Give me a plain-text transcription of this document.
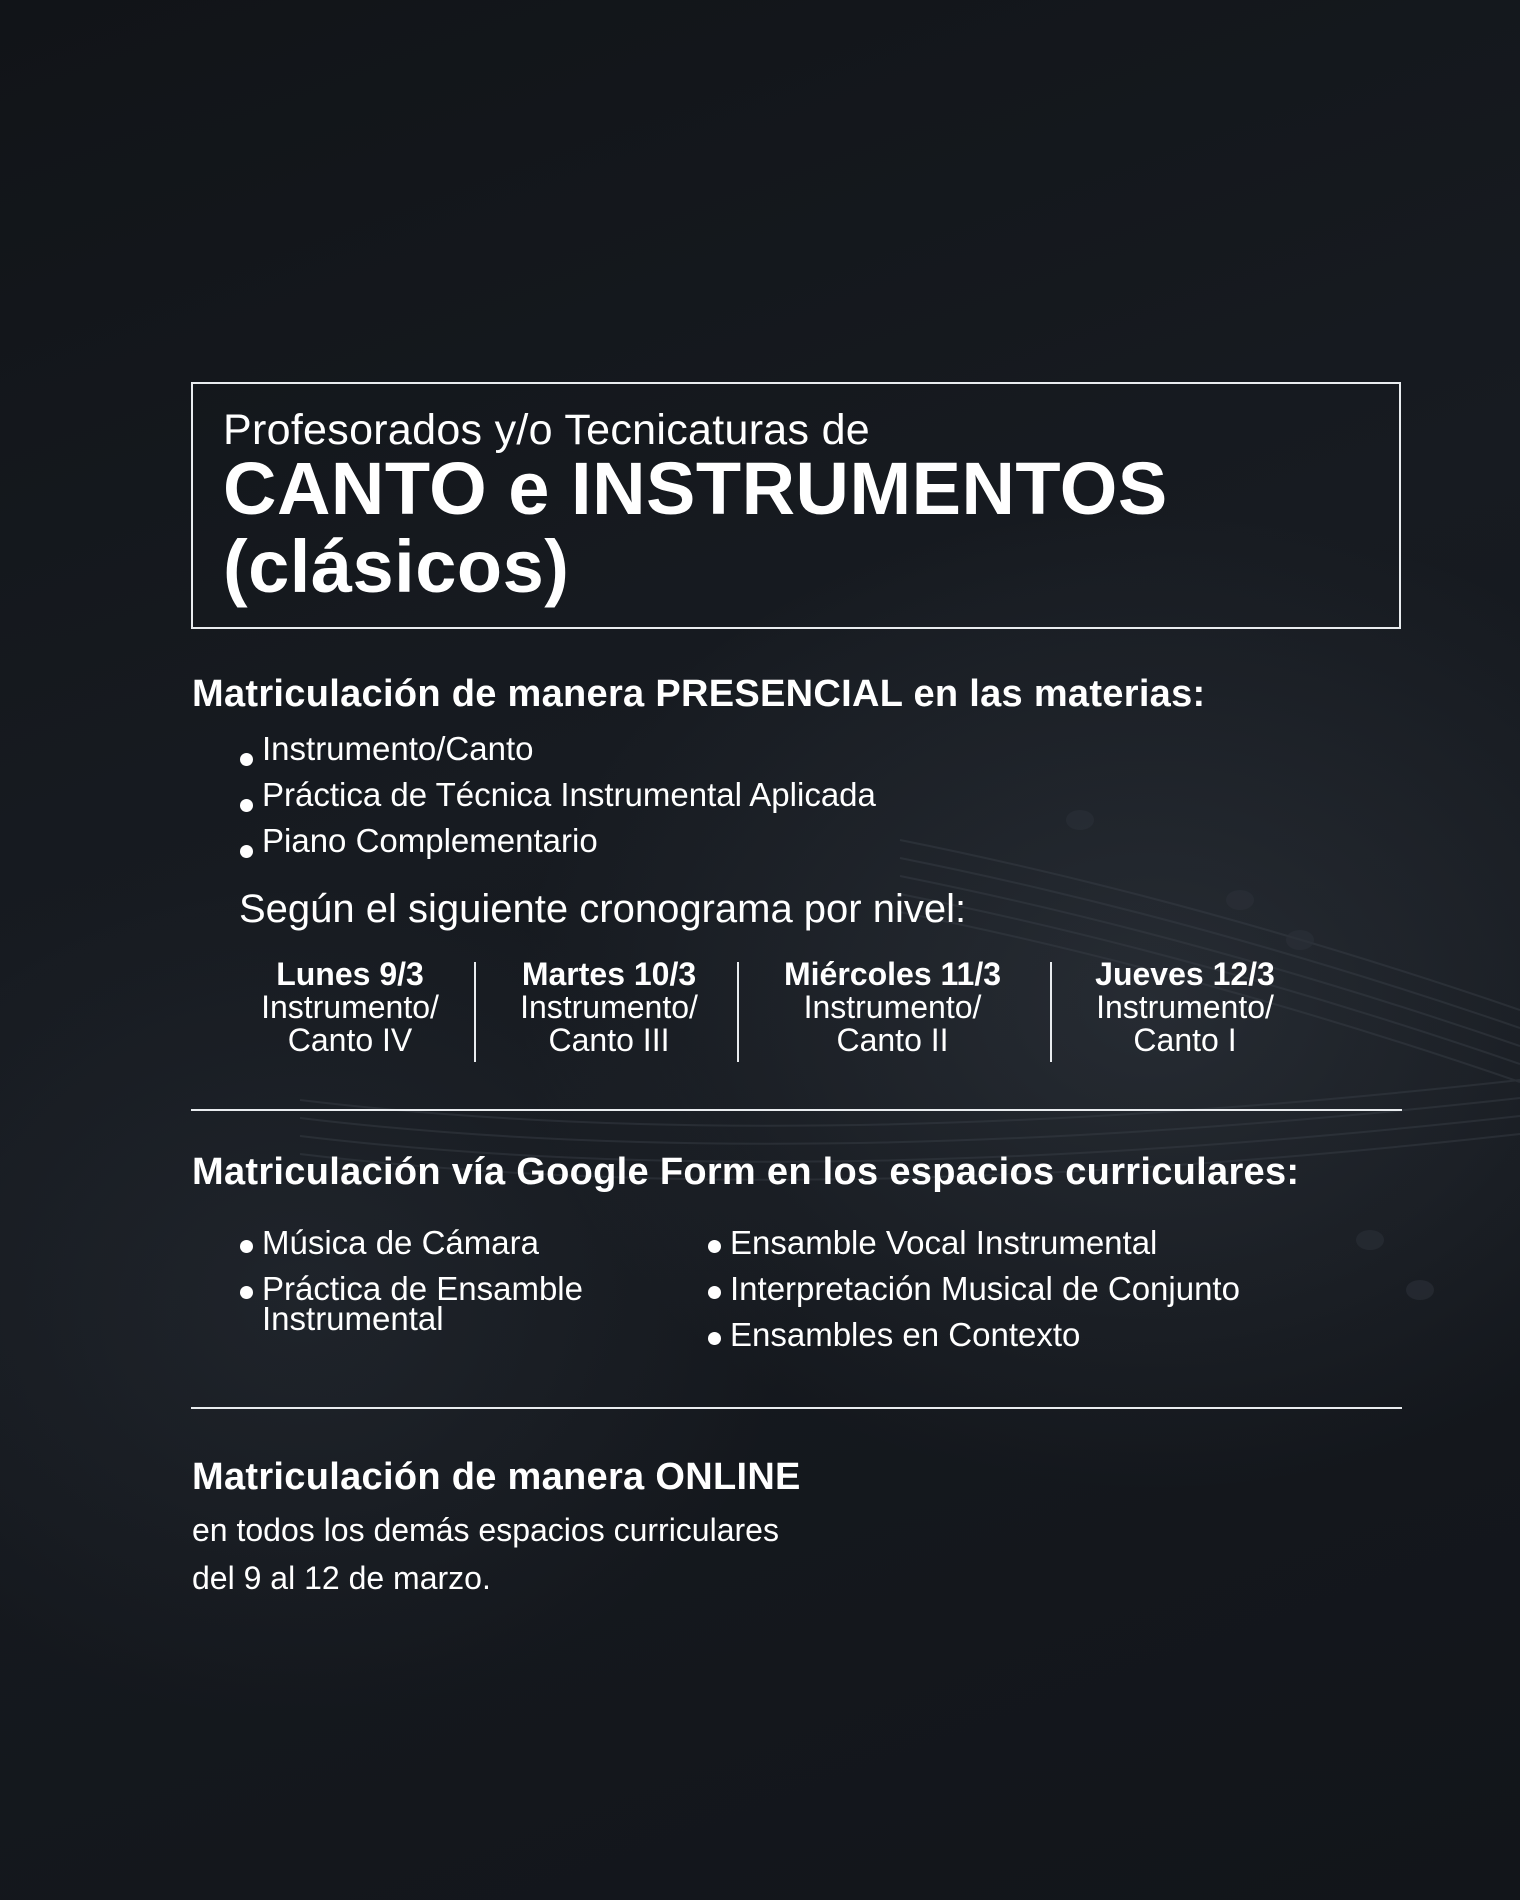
Profesorados y/o Tecnicaturas de
CANTO e INSTRUMENTOS
(clásicos)
Matriculación de manera PRESENCIAL en las materias:
Instrumento/Canto
Práctica de Técnica Instrumental Aplicada
Piano Complementario
Según el siguiente cronograma por nivel:
Lunes 9/3
Instrumento/
Canto IV
Martes 10/3
Instrumento/
Canto III
Miércoles 11/3
Instrumento/
Canto II
Jueves 12/3
Instrumento/
Canto I
Matriculación vía Google Form en los espacios curriculares:
Música de Cámara
Práctica de Ensamble Instrumental
Ensamble Vocal Instrumental
Interpretación Musical de Conjunto
Ensambles en Contexto
Matriculación de manera ONLINE
en todos los demás espacios curriculares
del 9 al 12 de marzo.
